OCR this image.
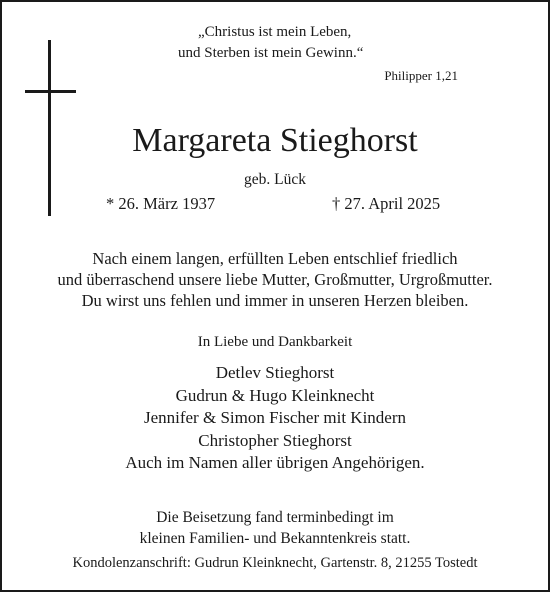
„Christus ist mein Leben,
und Sterben ist mein Gewinn.“
Philipper 1,21
Margareta Stieghorst
geb. Lück
* 26. März 1937	† 27. April 2025
Nach einem langen, erfüllten Leben entschlief friedlich
und überraschend unsere liebe Mutter, Großmutter, Urgroßmutter.
Du wirst uns fehlen und immer in unseren Herzen bleiben.
In Liebe und Dankbarkeit
Detlev Stieghorst
Gudrun & Hugo Kleinknecht
Jennifer & Simon Fischer mit Kindern
Christopher Stieghorst
Auch im Namen aller übrigen Angehörigen.
Die Beisetzung fand terminbedingt im
kleinen Familien- und Bekanntenkreis statt.
Kondolenzanschrift: Gudrun Kleinknecht, Gartenstr. 8, 21255 Tostedt
